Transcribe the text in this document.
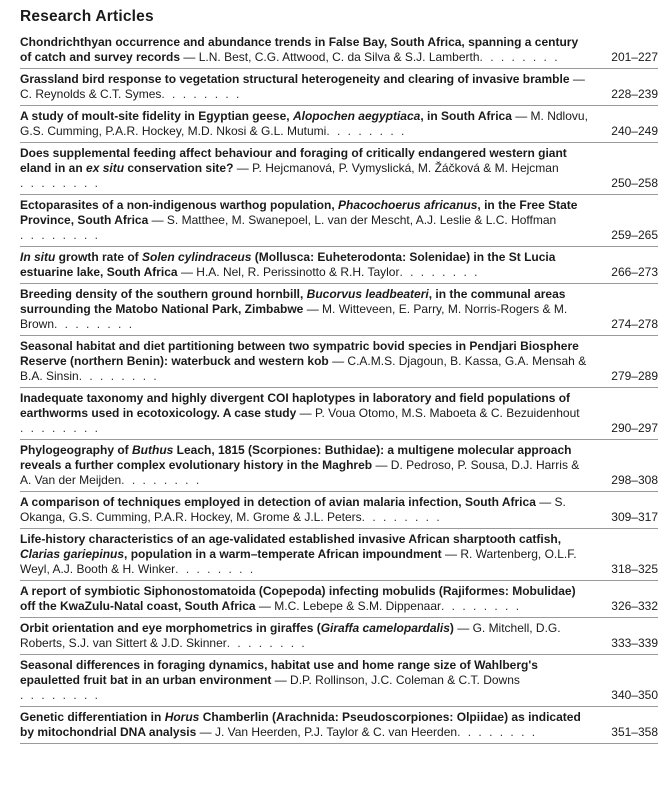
Research Articles
Chondrichthyan occurrence and abundance trends in False Bay, South Africa, spanning a century of catch and survey records — L.N. Best, C.G. Attwood, C. da Silva & S.J. Lamberth. . . . . . . .	201–227
Grassland bird response to vegetation structural heterogeneity and clearing of invasive bramble — C. Reynolds & C.T. Symes. . . . . . . .	228–239
A study of moult-site fidelity in Egyptian geese, Alopochen aegyptiaca, in South Africa — M. Ndlovu, G.S. Cumming, P.A.R. Hockey, M.D. Nkosi & G.L. Mutumi. . . . . . . .	240–249
Does supplemental feeding affect behaviour and foraging of critically endangered western giant eland in an ex situ conservation site? — P. Hejcmanová, P. Vymyslická, M. Žáčková & M. Hejcman. . . . . . . .	250–258
Ectoparasites of a non-indigenous warthog population, Phacochoerus africanus, in the Free State Province, South Africa — S. Matthee, M. Swanepoel, L. van der Mescht, A.J. Leslie & L.C. Hoffman. . . . . . . .	259–265
In situ growth rate of Solen cylindraceus (Mollusca: Euheterodonta: Solenidae) in the St Lucia estuarine lake, South Africa — H.A. Nel, R. Perissinotto & R.H. Taylor. . . . . . . .	266–273
Breeding density of the southern ground hornbill, Bucorvus leadbeateri, in the communal areas surrounding the Matobo National Park, Zimbabwe — M. Witteveen, E. Parry, M. Norris-Rogers & M. Brown. . . . . . . .	274–278
Seasonal habitat and diet partitioning between two sympatric bovid species in Pendjari Biosphere Reserve (northern Benin): waterbuck and western kob — C.A.M.S. Djagoun, B. Kassa, G.A. Mensah & B.A. Sinsin. . . . . . . .	279–289
Inadequate taxonomy and highly divergent COI haplotypes in laboratory and field populations of earthworms used in ecotoxicology. A case study — P. Voua Otomo, M.S. Maboeta & C. Bezuidenhout. . . . . . . .	290–297
Phylogeography of Buthus Leach, 1815 (Scorpiones: Buthidae): a multigene molecular approach reveals a further complex evolutionary history in the Maghreb — D. Pedroso, P. Sousa, D.J. Harris & A. Van der Meijden. . . . . . . .	298–308
A comparison of techniques employed in detection of avian malaria infection, South Africa — S. Okanga, G.S. Cumming, P.A.R. Hockey, M. Grome & J.L. Peters. . . . . . . .	309–317
Life-history characteristics of an age-validated established invasive African sharptooth catfish, Clarias gariepinus, population in a warm–temperate African impoundment — R. Wartenberg, O.L.F. Weyl, A.J. Booth & H. Winker. . . . . . . .	318–325
A report of symbiotic Siphonostomatoida (Copepoda) infecting mobulids (Rajiformes: Mobulidae) off the KwaZulu-Natal coast, South Africa — M.C. Lebepe & S.M. Dippenaar. . . . . . . .	326–332
Orbit orientation and eye morphometrics in giraffes (Giraffa camelopardalis) — G. Mitchell, D.G. Roberts, S.J. van Sittert & J.D. Skinner. . . . . . . .	333–339
Seasonal differences in foraging dynamics, habitat use and home range size of Wahlberg's epauletted fruit bat in an urban environment — D.P. Rollinson, J.C. Coleman & C.T. Downs. . . . . . . .	340–350
Genetic differentiation in Horus Chamberlin (Arachnida: Pseudoscorpiones: Olpiidae) as indicated by mitochondrial DNA analysis — J. Van Heerden, P.J. Taylor & C. van Heerden. . . . . . . .	351–358
